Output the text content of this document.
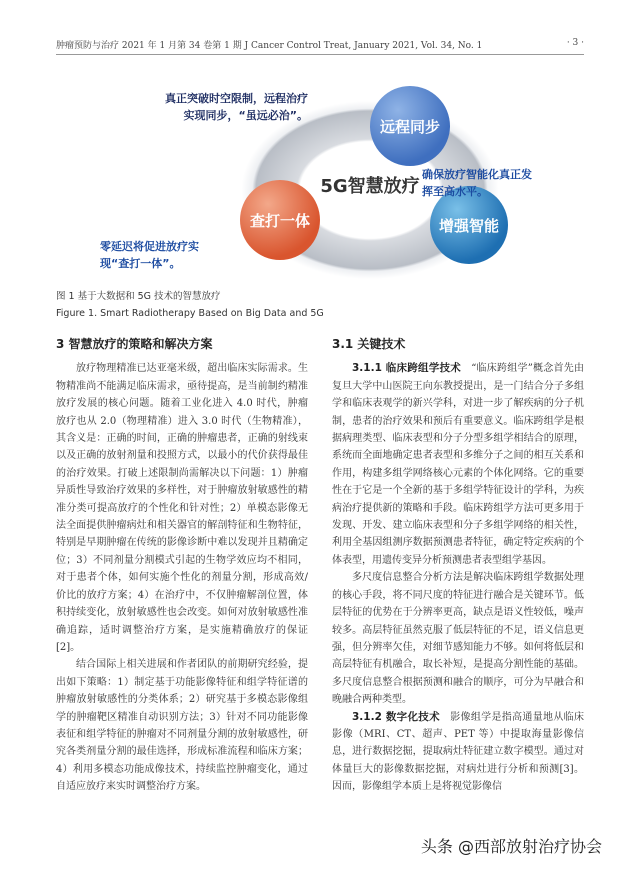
肿瘤预防与治疗 2021 年 1 月第 34 卷第 1 期 J Cancer Control Treat, January 2021, Vol. 34, No. 1	· 3 ·
5G智慧放疗
远程同步
增强智能
查打一体
真正突破时空限制，远程治疗
实现同步，“虽远必治”。
确保放疗智能化真正发
挥至高水平。
零延迟将促进放疗实
现“查打一体”。
图 1 基于大数据和 5G 技术的智慧放疗
Figure 1. Smart Radiotherapy Based on Big Data and 5G
3 智慧放疗的策略和解决方案

放疗物理精准已达亚毫米级，超出临床实际需求。生物精准尚不能满足临床需求，亟待提高，是当前制约精准放疗发展的核心问题。随着工业化进入 4.0 时代，肿瘤放疗也从 2.0（物理精准）进入 3.0 时代（生物精准），其含义是：正确的时间，正确的肿瘤患者，正确的射线束以及正确的放射剂量和投照方式，以最小的代价获得最佳的治疗效果。打破上述限制尚需解决以下问题：1）肿瘤异质性导致治疗效果的多样性，对于肿瘤放射敏感性的精准分类可提高放疗的个性化和针对性；2）单模态影像无法全面提供肿瘤病灶和相关器官的解剖特征和生物特征，特别是早期肿瘤在传统的影像诊断中难以发现并且精确定位；3）不同剂量分割模式引起的生物学效应均不相同，对于患者个体，如何实施个性化的剂量分割，形成高效/价比的放疗方案；4）在治疗中，不仅肿瘤解剖位置，体积持续变化，放射敏感性也会改变。如何对放射敏感性准确追踪，适时调整治疗方案，是实施精确放疗的保证[2]。

结合国际上相关进展和作者团队的前期研究经验，提出如下策略：1）制定基于功能影像特征和组学特征谱的肿瘤放射敏感性的分类体系；2）研究基于多模态影像组学的肿瘤靶区精准自动识别方法；3）针对不同功能影像表征和组学特征的肿瘤对不同剂量分割的放射敏感性，研究各类剂量分割的最佳选择，形成标准流程和临床方案；4）利用多模态功能成像技术，持续监控肿瘤变化，通过自适应放疗来实时调整治疗方案。

3.1 关键技术

3.1.1 临床跨组学技术　 “临床跨组学”概念首先由复旦大学中山医院王向东教授提出，是一门结合分子多组学和临床表观学的新兴学科，对进一步了解疾病的分子机制，患者的治疗效果和预后有重要意义。临床跨组学是根据病理类型、临床表型和分子分型多组学相结合的原理，系统而全面地确定患者表型和多维分子之间的相互关系和作用，构建多组学网络核心元素的个体化网络。它的重要性在于它是一个全新的基于多组学特征设计的学科，为疾病治疗提供新的策略和手段。临床跨组学方法可更多用于发现、开发、建立临床表型和分子多组学网络的相关性，利用全基因组测序数据预测患者特征，确定特定疾病的个体表型，用遗传变异分析预测患者表型组学基因。

多尺度信息整合分析方法是解决临床跨组学数据处理的核心手段，将不同尺度的特征进行融合是关键环节。低层特征的优势在于分辨率更高，缺点是语义性较低，噪声较多。高层特征虽然克服了低层特征的不足，语义信息更强，但分辨率欠佳，对细节感知能力不够。如何将低层和高层特征有机融合，取长补短，是提高分割性能的基础。多尺度信息整合根据预测和融合的顺序，可分为早融合和晚融合两种类型。

3.1.2 数字化技术　 影像组学是指高通量地从临床影像（MRI、CT、超声、PET 等）中提取海量影像信息，进行数据挖掘，提取病灶特征建立数字模型。通过对体量巨大的影像数据挖掘，对病灶进行分析和预测[3]。因而，影像组学本质上是将视觉影像信

头条 @西部放射治疗协会
